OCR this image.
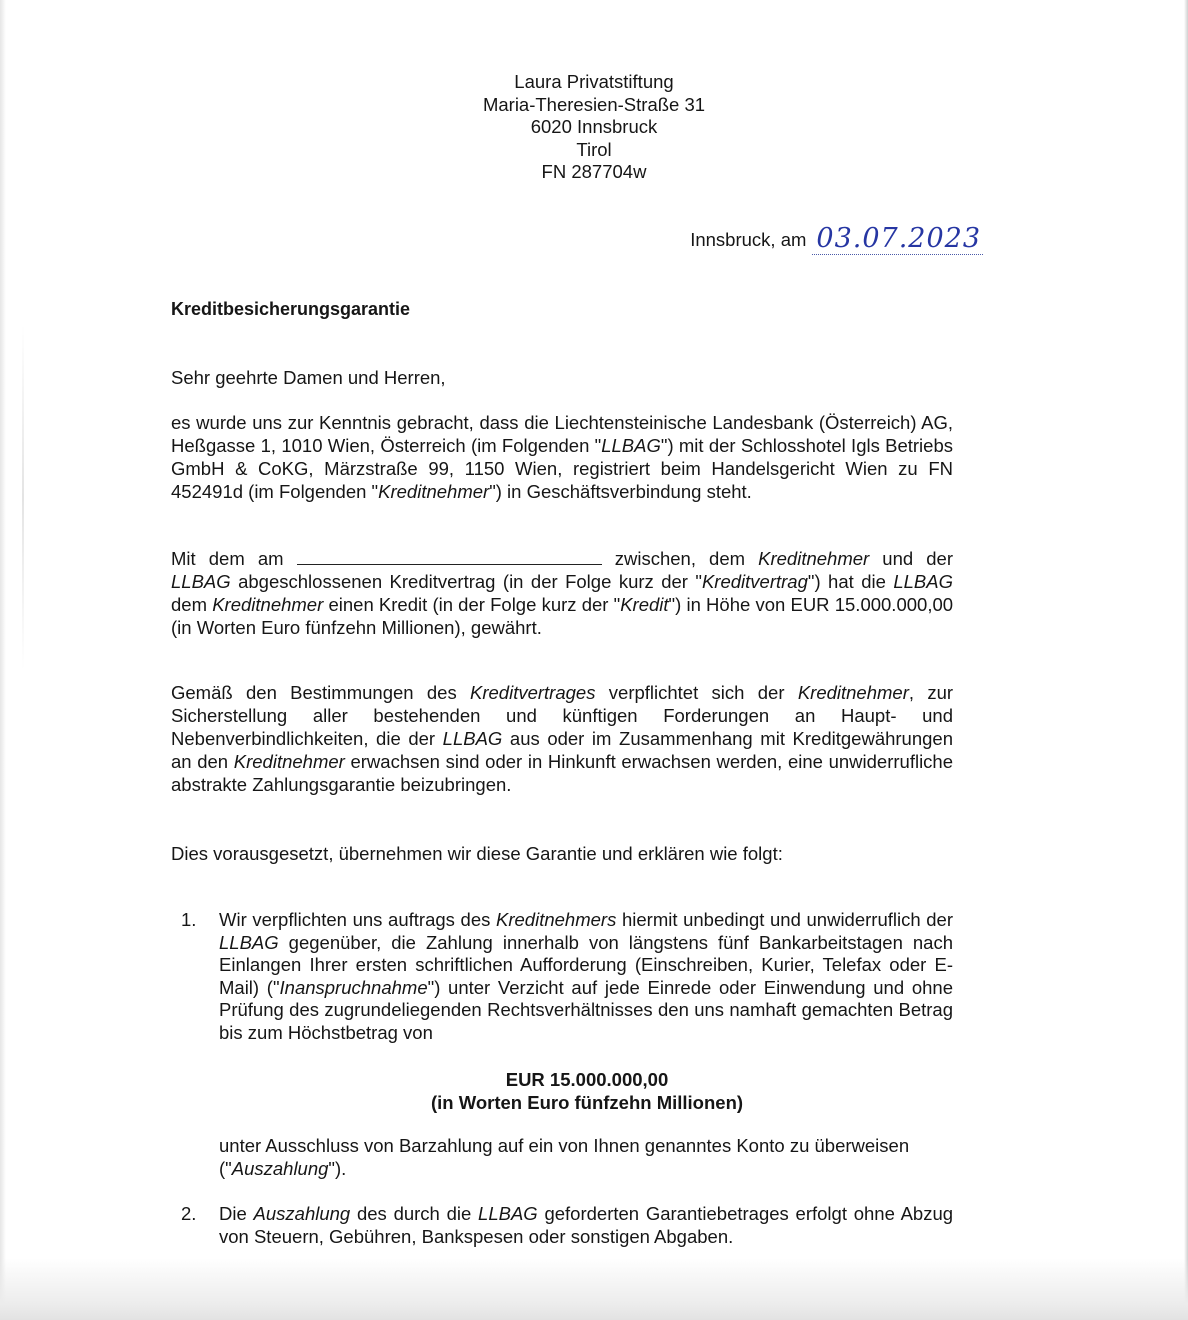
Laura Privatstiftung
Maria-Theresien-Straße 31
6020 Innsbruck
Tirol
FN 287704w
Innsbruck, am 03.07.2023
Kreditbesicherungsgarantie
Sehr geehrte Damen und Herren,
es wurde uns zur Kenntnis gebracht, dass die Liechtensteinische Landesbank (Österreich) AG, Heßgasse 1, 1010 Wien, Österreich (im Folgenden "LLBAG") mit der Schlosshotel Igls Betriebs GmbH & CoKG, Märzstraße 99, 1150 Wien, registriert beim Handelsgericht Wien zu FN 452491d (im Folgenden "Kreditnehmer") in Geschäftsverbindung steht.
Mit dem am	zwischen, dem Kreditnehmer und der LLBAG abgeschlossenen Kreditvertrag (in der Folge kurz der "Kreditvertrag") hat die LLBAG dem Kreditnehmer einen Kredit (in der Folge kurz der "Kredit") in Höhe von EUR 15.000.000,00 (in Worten Euro fünfzehn Millionen), gewährt.
Gemäß den Bestimmungen des Kreditvertrages verpflichtet sich der Kreditnehmer, zur Sicherstellung aller bestehenden und künftigen Forderungen an Haupt- und Nebenverbindlichkeiten, die der LLBAG aus oder im Zusammenhang mit Kreditgewährungen an den Kreditnehmer erwachsen sind oder in Hinkunft erwachsen werden, eine unwiderrufliche abstrakte Zahlungsgarantie beizubringen.
Dies vorausgesetzt, übernehmen wir diese Garantie und erklären wie folgt:
1. Wir verpflichten uns auftrags des Kreditnehmers hiermit unbedingt und unwiderruflich der LLBAG gegenüber, die Zahlung innerhalb von längstens fünf Bankarbeitstagen nach Einlangen Ihrer ersten schriftlichen Aufforderung (Einschreiben, Kurier, Telefax oder E-Mail) ("Inanspruchnahme") unter Verzicht auf jede Einrede oder Einwendung und ohne Prüfung des zugrundeliegenden Rechtsverhältnisses den uns namhaft gemachten Betrag bis zum Höchstbetrag von
EUR 15.000.000,00
(in Worten Euro fünfzehn Millionen)
unter Ausschluss von Barzahlung auf ein von Ihnen genanntes Konto zu überweisen ("Auszahlung").
2. Die Auszahlung des durch die LLBAG geforderten Garantiebetrages erfolgt ohne Abzug von Steuern, Gebühren, Bankspesen oder sonstigen Abgaben.
